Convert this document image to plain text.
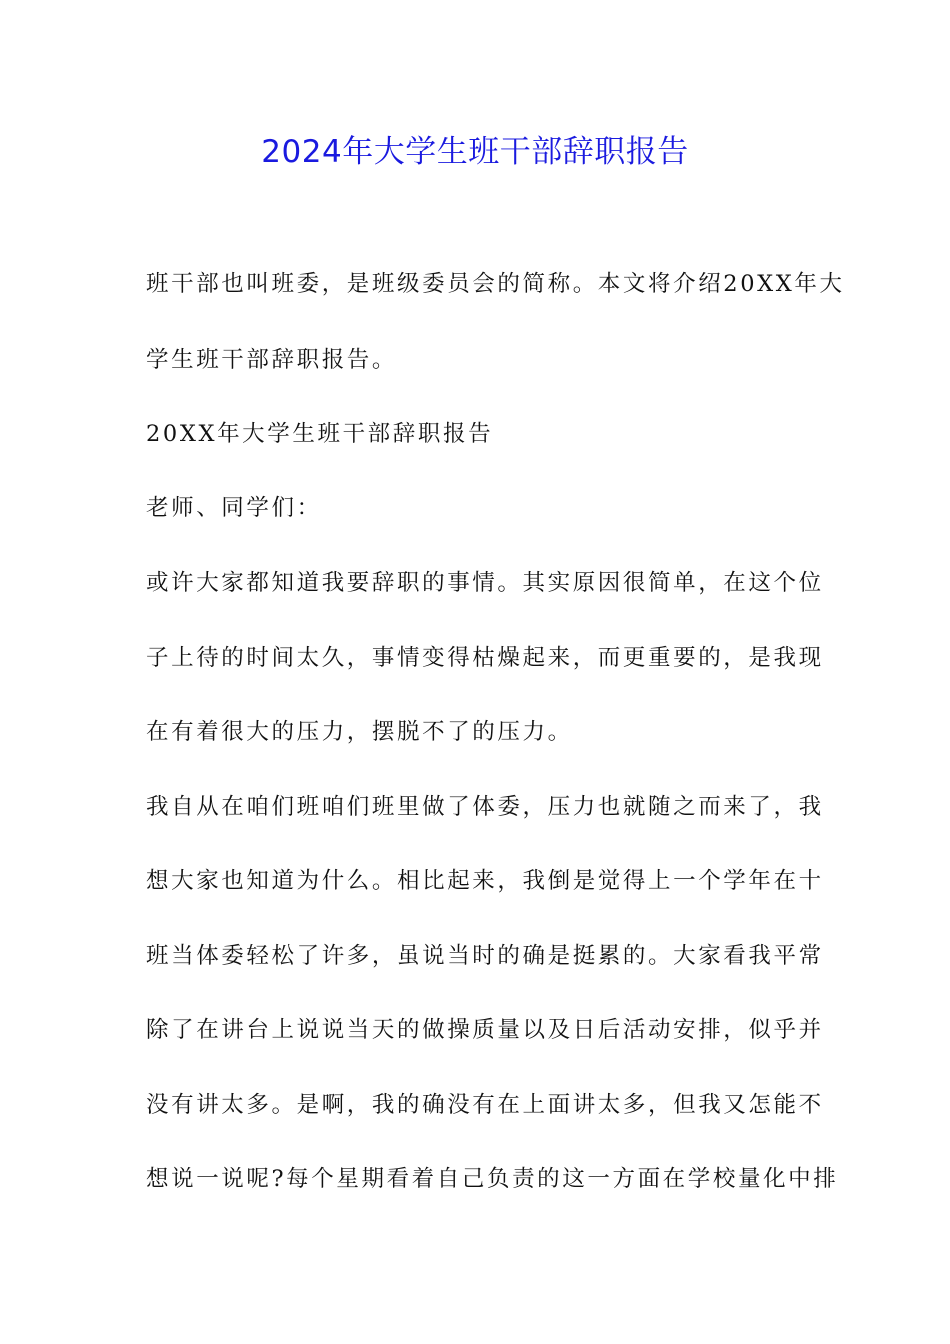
2024年大学生班干部辞职报告
班干部也叫班委，是班级委员会的简称。本文将介绍20XX年大
学生班干部辞职报告。
20XX年大学生班干部辞职报告
老师、同学们：
或许大家都知道我要辞职的事情。其实原因很简单，在这个位
子上待的时间太久，事情变得枯燥起来，而更重要的，是我现
在有着很大的压力，摆脱不了的压力。
我自从在咱们班咱们班里做了体委，压力也就随之而来了，我
想大家也知道为什么。相比起来，我倒是觉得上一个学年在十
班当体委轻松了许多，虽说当时的确是挺累的。大家看我平常
除了在讲台上说说当天的做操质量以及日后活动安排，似乎并
没有讲太多。是啊，我的确没有在上面讲太多，但我又怎能不
想说一说呢?每个星期看着自己负责的这一方面在学校量化中排
